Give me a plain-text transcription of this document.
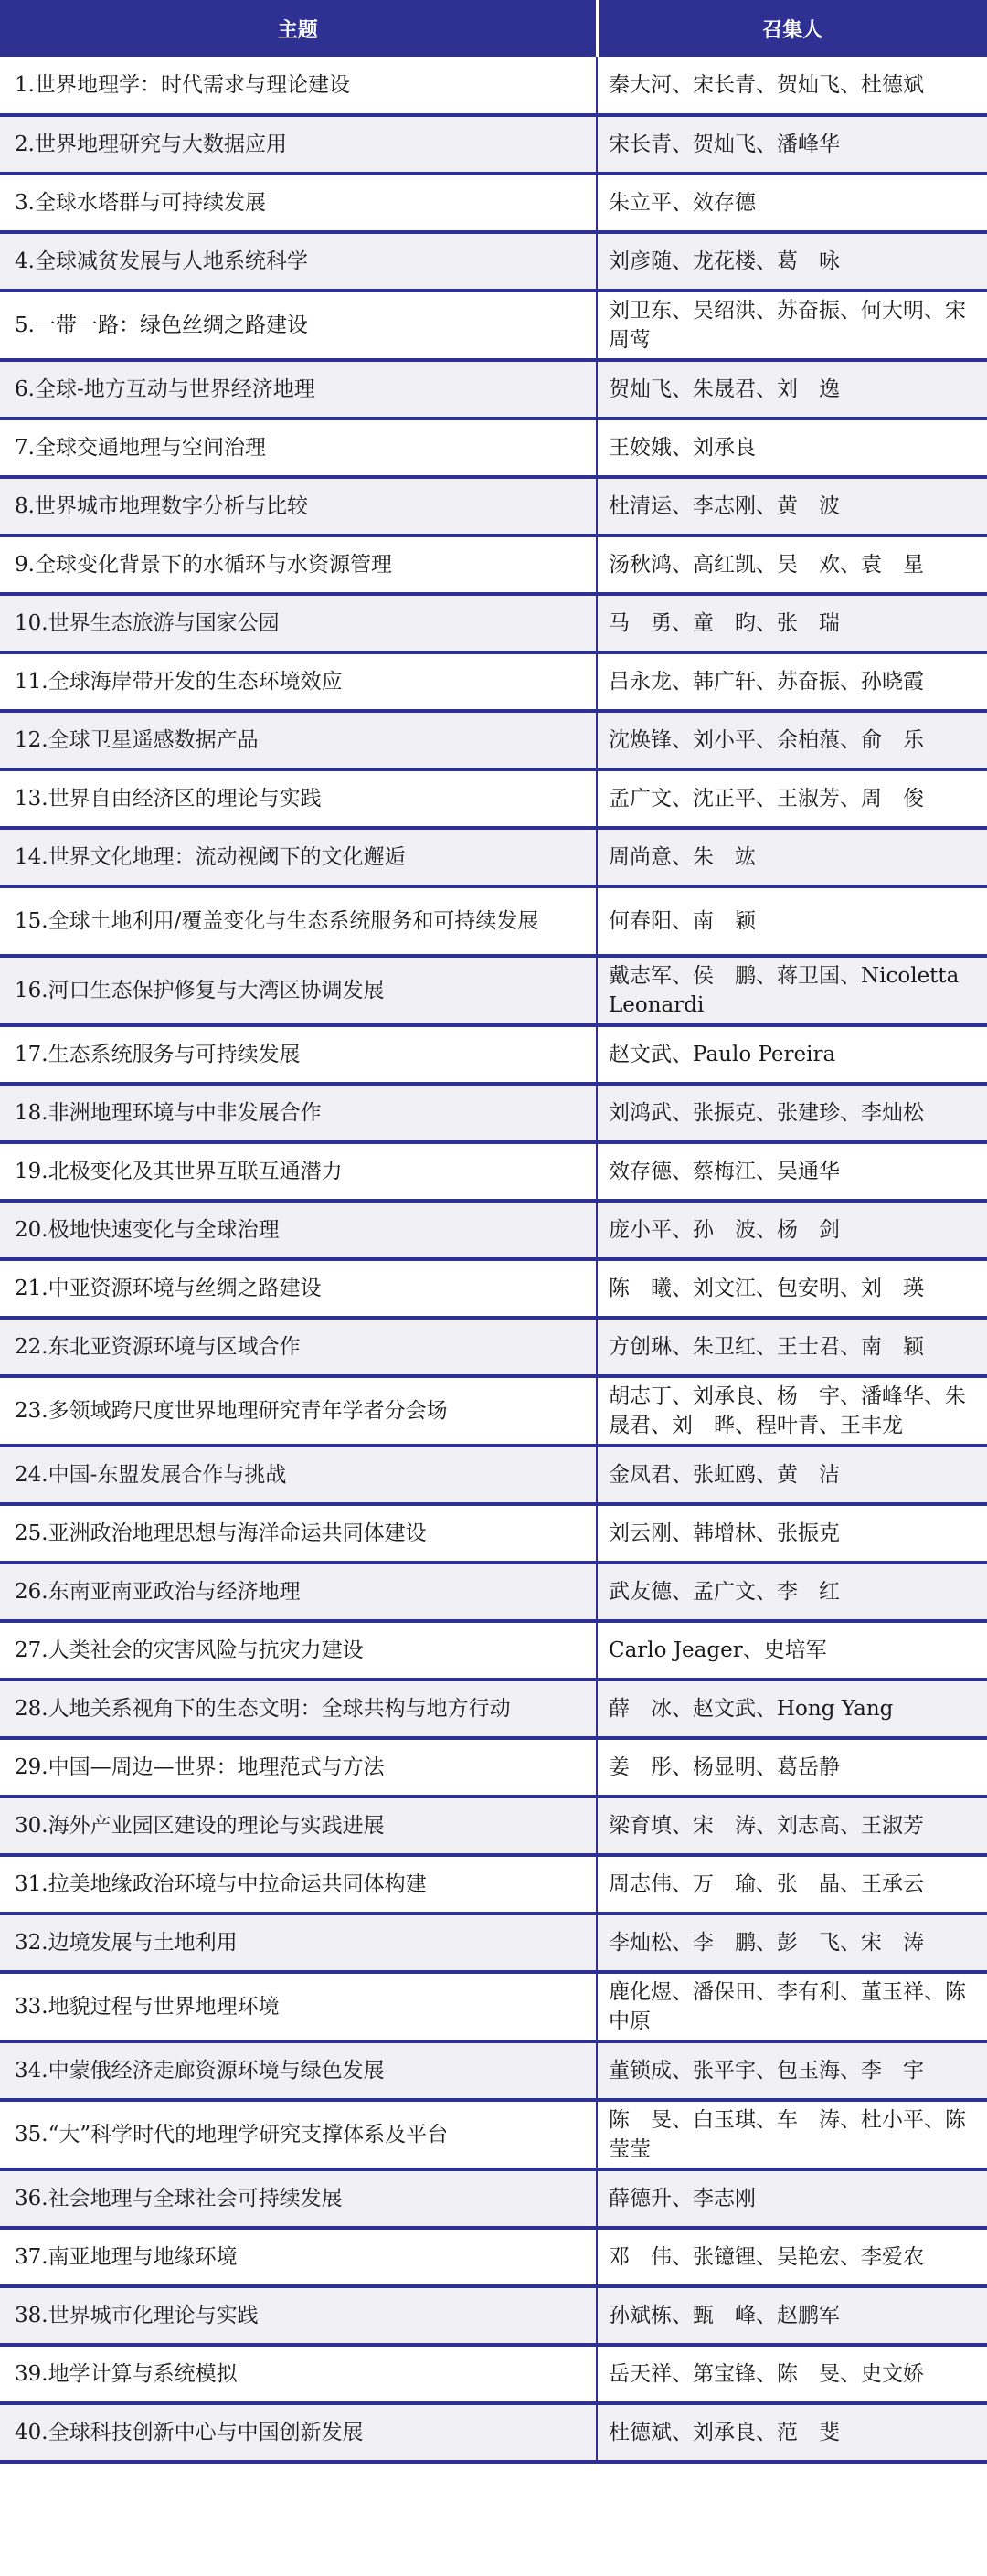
主题	召集人
1.世界地理学：时代需求与理论建设	秦大河、宋长青、贺灿飞、杜德斌
2.世界地理研究与大数据应用	宋长青、贺灿飞、潘峰华
3.全球水塔群与可持续发展	朱立平、效存德
4.全球减贫发展与人地系统科学	刘彦随、龙花楼、葛　咏
5.一带一路：绿色丝绸之路建设	刘卫东、吴绍洪、苏奋振、何大明、宋周莺
6.全球-地方互动与世界经济地理	贺灿飞、朱晟君、刘　逸
7.全球交通地理与空间治理	王姣娥、刘承良
8.世界城市地理数字分析与比较	杜清运、李志刚、黄　波
9.全球变化背景下的水循环与水资源管理	汤秋鸿、高红凯、吴　欢、袁　星
10.世界生态旅游与国家公园	马　勇、童　昀、张　瑞
11.全球海岸带开发的生态环境效应	吕永龙、韩广轩、苏奋振、孙晓霞
12.全球卫星遥感数据产品	沈焕锋、刘小平、余柏蒗、俞　乐
13.世界自由经济区的理论与实践	孟广文、沈正平、王淑芳、周　俊
14.世界文化地理：流动视阈下的文化邂逅	周尚意、朱　竑
15.全球土地利用/覆盖变化与生态系统服务和可持续发展	何春阳、南　颖
16.河口生态保护修复与大湾区协调发展	戴志军、侯　鹏、蒋卫国、Nicoletta Leonardi
17.生态系统服务与可持续发展	赵文武、Paulo Pereira
18.非洲地理环境与中非发展合作	刘鸿武、张振克、张建珍、李灿松
19.北极变化及其世界互联互通潜力	效存德、蔡梅江、吴通华
20.极地快速变化与全球治理	庞小平、孙　波、杨　剑
21.中亚资源环境与丝绸之路建设	陈　曦、刘文江、包安明、刘　瑛
22.东北亚资源环境与区域合作	方创琳、朱卫红、王士君、南　颖
23.多领域跨尺度世界地理研究青年学者分会场	胡志丁、刘承良、杨　宇、潘峰华、朱晟君、刘　晔、程叶青、王丰龙
24.中国-东盟发展合作与挑战	金凤君、张虹鸥、黄　洁
25.亚洲政治地理思想与海洋命运共同体建设	刘云刚、韩增林、张振克
26.东南亚南亚政治与经济地理	武友德、孟广文、李　红
27.人类社会的灾害风险与抗灾力建设	Carlo Jeager、史培军
28.人地关系视角下的生态文明：全球共构与地方行动	薛　冰、赵文武、Hong Yang
29.中国—周边—世界：地理范式与方法	姜　彤、杨显明、葛岳静
30.海外产业园区建设的理论与实践进展	梁育填、宋　涛、刘志高、王淑芳
31.拉美地缘政治环境与中拉命运共同体构建	周志伟、万　瑜、张　晶、王承云
32.边境发展与土地利用	李灿松、李　鹏、彭　飞、宋　涛
33.地貌过程与世界地理环境	鹿化煜、潘保田、李有利、董玉祥、陈中原
34.中蒙俄经济走廊资源环境与绿色发展	董锁成、张平宇、包玉海、李　宇
35.“大”科学时代的地理学研究支撑体系及平台	陈　旻、白玉琪、车　涛、杜小平、陈莹莹
36.社会地理与全球社会可持续发展	薛德升、李志刚
37.南亚地理与地缘环境	邓　伟、张镱锂、吴艳宏、李爱农
38.世界城市化理论与实践	孙斌栋、甄　峰、赵鹏军
39.地学计算与系统模拟	岳天祥、第宝锋、陈　旻、史文娇
40.全球科技创新中心与中国创新发展	杜德斌、刘承良、范　斐
